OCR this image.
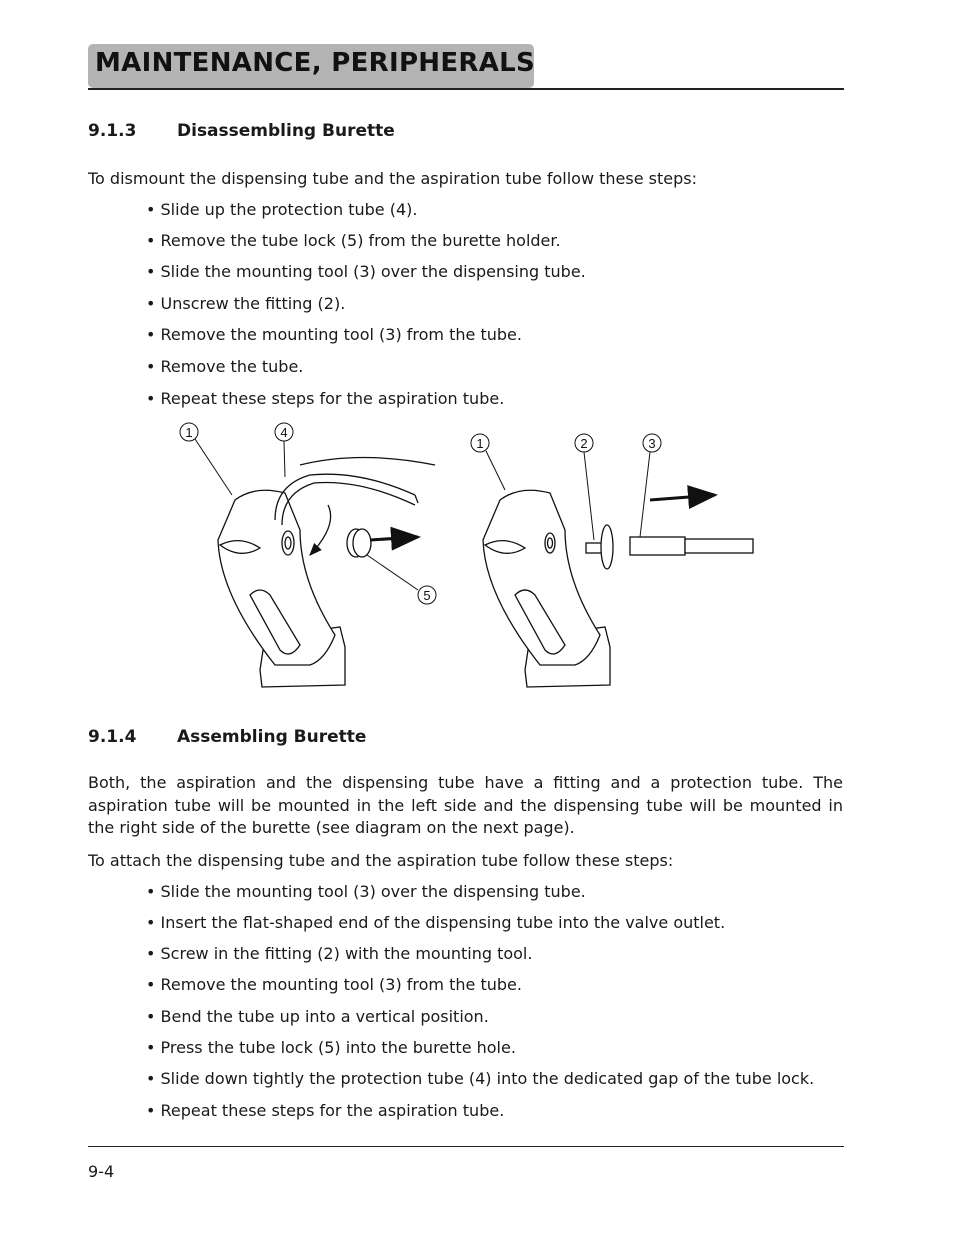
MAINTENANCE, PERIPHERALS
9.1.3 Disassembling Burette
To dismount the dispensing tube and the aspiration tube follow these steps:
• Slide up the protection tube (4).
• Remove the tube lock (5) from the burette holder.
• Slide the mounting tool (3) over the dispensing tube.
• Unscrew the fitting (2).
• Remove the mounting tool (3) from the tube.
• Remove the tube.
• Repeat these steps for the aspiration tube.
1	4
5
1	2	3
9.1.4 Assembling Burette
Both, the aspiration and the dispensing tube have a fitting and a protection tube. The aspiration tube will be mounted in the left side and the dispensing tube will be mounted in the right side of the burette (see diagram on the next page).
To attach the dispensing tube and the aspiration tube follow these steps:
• Slide the mounting tool (3) over the dispensing tube.
• Insert the flat-shaped end of the dispensing tube into the valve outlet.
• Screw in the fitting (2) with the mounting tool.
• Remove the mounting tool (3) from the tube.
• Bend the tube up into a vertical position.
• Press the tube lock (5) into the burette hole.
• Slide down tightly the protection tube (4) into the dedicated gap of the tube lock.
• Repeat these steps for the aspiration tube.
9-4
